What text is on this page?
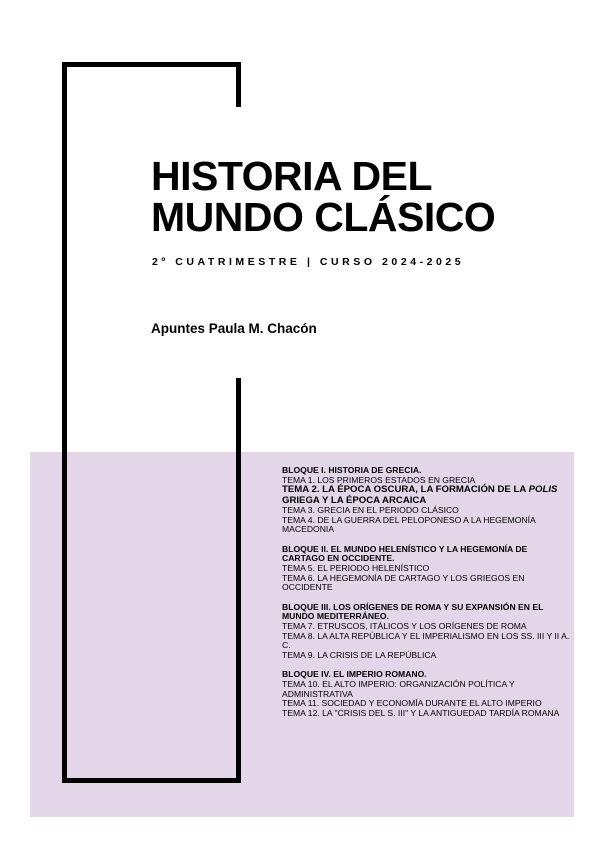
HISTORIA DEL
MUNDO CLÁSICO
2º CUATRIMESTRE | CURSO 2024-2025
Apuntes Paula M. Chacón
BLOQUE I. HISTORIA DE GRECIA.
TEMA 1. LOS PRIMEROS ESTADOS EN GRECIA
TEMA 2. LA ÉPOCA OSCURA, LA FORMACIÓN DE LA POLIS GRIEGA Y LA ÉPOCA ARCAICA
TEMA 3. GRECIA EN EL PERIODO CLÁSICO
TEMA 4. DE LA GUERRA DEL PELOPONESO A LA HEGEMONÍA MACEDONIA
BLOQUE II. EL MUNDO HELENÍSTICO Y LA HEGEMONÍA DE CARTAGO EN OCCIDENTE.
TEMA 5. EL PERIODO HELENÍSTICO
TEMA 6. LA HEGEMONÍA DE CARTAGO Y LOS GRIEGOS EN OCCIDENTE
BLOQUE III. LOS ORÍGENES DE ROMA Y SU EXPANSIÓN EN EL MUNDO MEDITERRÁNEO.
TEMA 7. ETRUSCOS, ITÁLICOS Y LOS ORÍGENES DE ROMA
TEMA 8. LA ALTA REPÚBLICA Y EL IMPERIALISMO EN LOS SS. III Y II A. C.
TEMA 9. LA CRISIS DE LA REPÚBLICA
BLOQUE IV. EL IMPERIO ROMANO.
TEMA 10. EL ALTO IMPERIO: ORGANIZACIÓN POLÍTICA Y ADMINISTRATIVA
TEMA 11. SOCIEDAD Y ECONOMÍA DURANTE EL ALTO IMPERIO
TEMA 12. LA "CRISIS DEL S. III" Y LA ANTIGUEDAD TARDÍA ROMANA
